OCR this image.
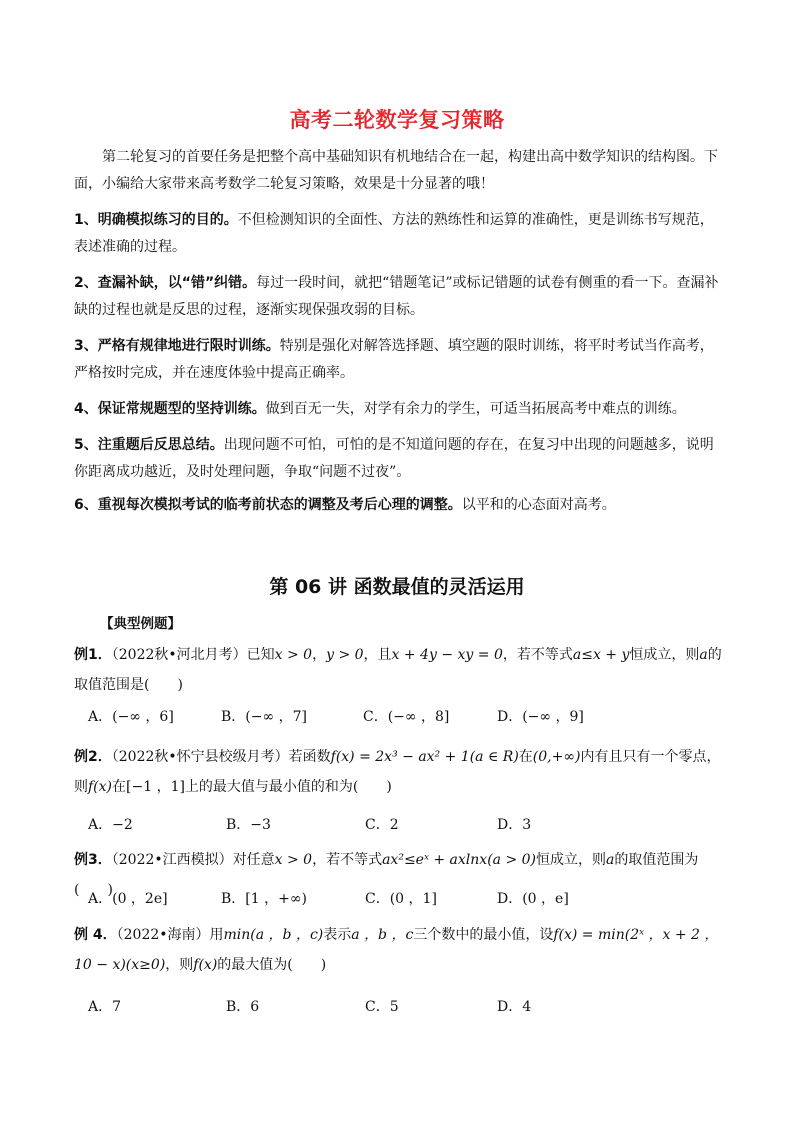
高考二轮数学复习策略
第二轮复习的首要任务是把整个高中基础知识有机地结合在一起，构建出高中数学知识的结构图。下面，小编给大家带来高考数学二轮复习策略，效果是十分显著的哦！
1、明确模拟练习的目的。不但检测知识的全面性、方法的熟练性和运算的准确性，更是训练书写规范，表述准确的过程。
2、查漏补缺，以“错”纠错。每过一段时间，就把“错题笔记”或标记错题的试卷有侧重的看一下。查漏补缺的过程也就是反思的过程，逐渐实现保强攻弱的目标。
3、严格有规律地进行限时训练。特别是强化对解答选择题、填空题的限时训练，将平时考试当作高考，严格按时完成，并在速度体验中提高正确率。
4、保证常规题型的坚持训练。做到百无一失，对学有余力的学生，可适当拓展高考中难点的训练。
5、注重题后反思总结。出现问题不可怕，可怕的是不知道问题的存在，在复习中出现的问题越多，说明你距离成功越近，及时处理问题，争取“问题不过夜”。
6、重视每次模拟考试的临考前状态的调整及考后心理的调整。以平和的心态面对高考。
第 06 讲 函数最值的灵活运用
【典型例题】
例1．（2022秋•河北月考）已知x > 0，y > 0，且x + 4y − xy = 0，若不等式a≤x + y恒成立，则a的取值范围是(　　)
A．(−∞ ，6]	B．(−∞ ，7]	C．(−∞ ，8]	D．(−∞ ，9]
例2．（2022秋•怀宁县校级月考）若函数f(x) = 2x³ − ax² + 1(a ∈ R)在(0,+∞)内有且只有一个零点，则f(x)在[−1 ，1]上的最大值与最小值的和为(　　)
A．−2	B．−3	C．2	D．3
例3．（2022•江西模拟）对任意x > 0，若不等式ax²≤eˣ + axlnx(a > 0)恒成立，则a的取值范围为(　　)
A．(0 ，2e]	B．[1 ，+∞)	C．(0 ，1]	D．(0 ，e]
例 4．（2022•海南）用min(a ，b ，c)表示a ，b ，c三个数中的最小值，设f(x) = min(2ˣ ，x + 2 ，10 − x)(x≥0)，则f(x)的最大值为(　　)
A．7	B．6	C．5	D．4
